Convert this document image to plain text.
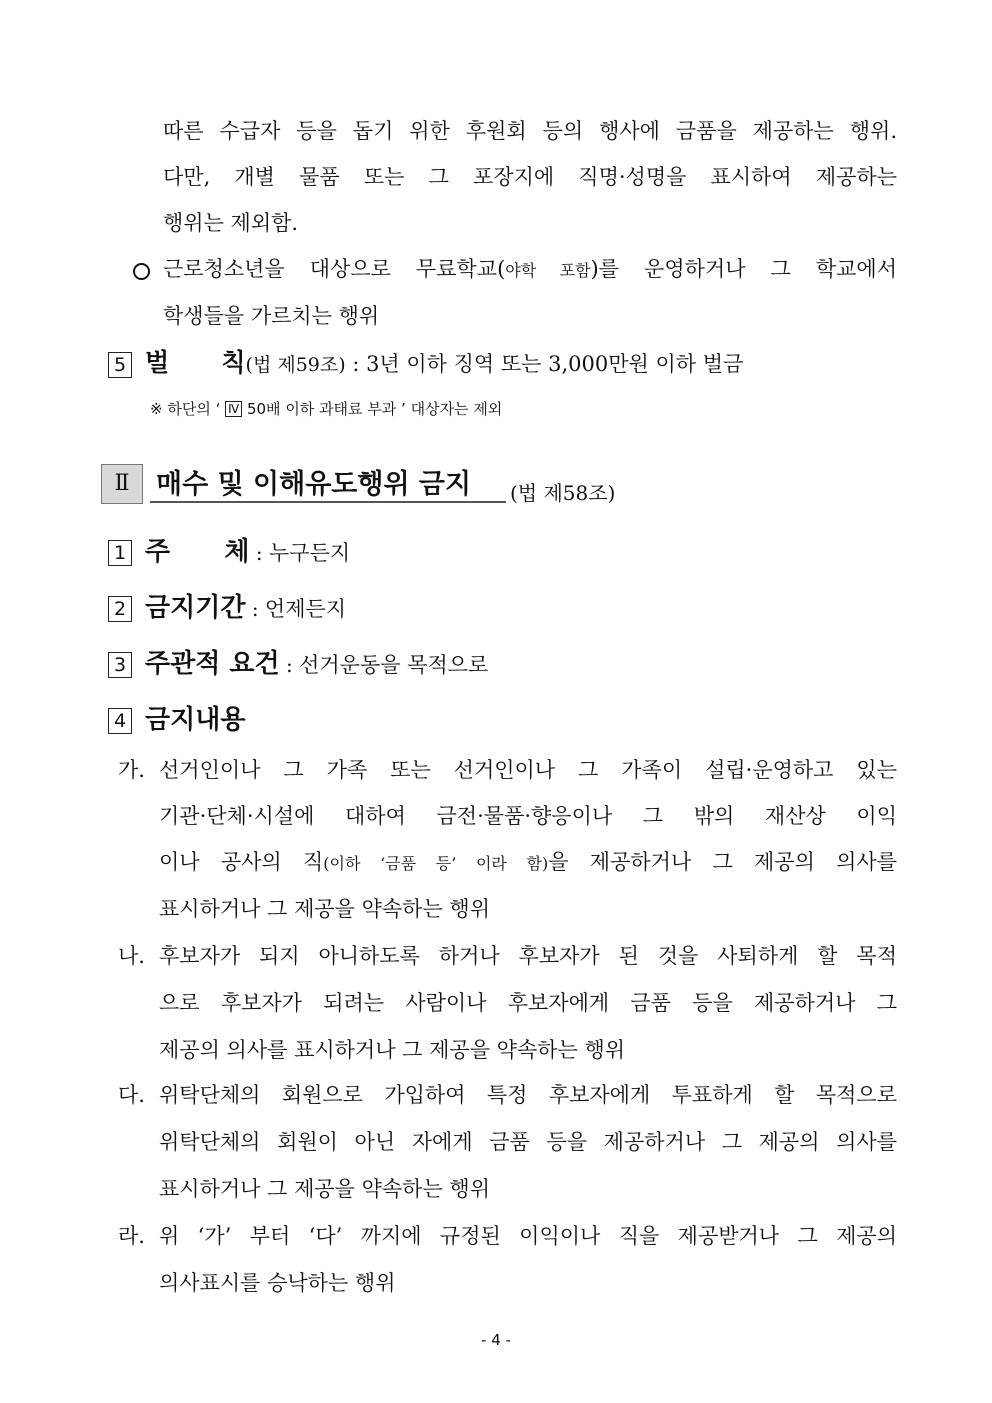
따른 수급자 등을 돕기 위한 후원회 등의 행사에 금품을 제공하는 행위.
다만, 개별 물품 또는 그 포장지에 직명·성명을 표시하여 제공하는
행위는 제외함.
근로청소년을 대상으로 무료학교(야학 포함)를 운영하거나 그 학교에서
학생들을 가르치는 행위
5 벌      칙(법 제59조) : 3년 이하 징역 또는 3,000만원 이하 벌금
※ 하단의 ‘ Ⅳ 50배 이하 과태료 부과 ’ 대상자는 제외
Ⅱ 매수 및 이해유도행위 금지	(법 제58조)
1 주      체 : 누구든지
2 금지기간 : 언제든지
3 주관적 요건 : 선거운동을 목적으로
4 금지내용
가. 선거인이나 그 가족 또는 선거인이나 그 가족이 설립·운영하고 있는
기관·단체·시설에 대하여 금전·물품·향응이나 그 밖의 재산상 이익
이나 공사의 직(이하 ‘금품 등’ 이라 함)을 제공하거나 그 제공의 의사를
표시하거나 그 제공을 약속하는 행위
나. 후보자가 되지 아니하도록 하거나 후보자가 된 것을 사퇴하게 할 목적
으로 후보자가 되려는 사람이나 후보자에게 금품 등을 제공하거나 그
제공의 의사를 표시하거나 그 제공을 약속하는 행위
다. 위탁단체의 회원으로 가입하여 특정 후보자에게 투표하게 할 목적으로
위탁단체의 회원이 아닌 자에게 금품 등을 제공하거나 그 제공의 의사를
표시하거나 그 제공을 약속하는 행위
라. 위 ‘가’ 부터 ‘다’ 까지에 규정된 이익이나 직을 제공받거나 그 제공의
의사표시를 승낙하는 행위
- 4 -
